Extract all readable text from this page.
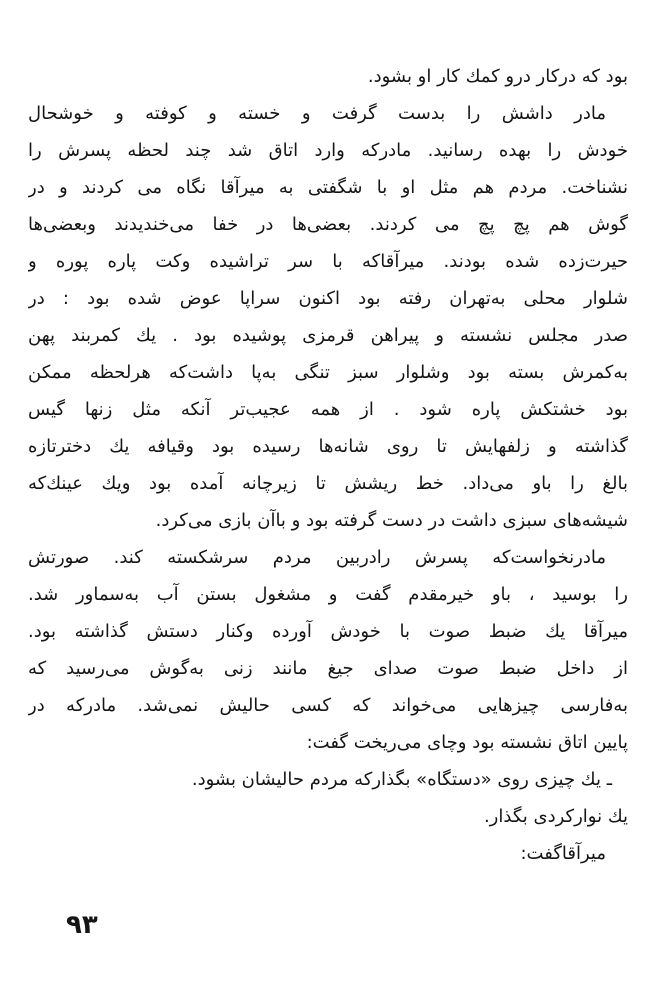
بود که درکار درو کمك کار او بشود.
مادر داشش را بدست گرفت و خسته و کوفته و خوشحال
خودش را بهده رسانید. مادرکه وارد اتاق شد چند لحظه پسرش را
نشناخت. مردم هم مثل او با شگفتی به میرآقا نگاه می کردند و در
گوش هم پچ پچ می کردند. بعضی‌ها در خفا می‌خندیدند وبعضی‌ها
حیرت‌زده شده بودند. میرآقاکه با سر تراشیده وکت پاره پوره و
شلوار محلی به‌تهران رفته بود اکنون سراپا عوض شده بود : در
صدر مجلس نشسته و پیراهن قرمزی پوشیده بود . یك کمربند پهن
به‌کمرش بسته بود وشلوار سبز تنگی به‌پا داشت‌که هرلحظه ممکن
بود خشتکش پاره شود . از همه عجیب‌تر آنکه مثل زنها گیس
گذاشته و زلفهایش تا روی شانه‌ها رسیده بود وقیافه یك دخترتازه
بالغ را باو می‌داد. خط ریشش تا زیرچانه آمده بود ویك عینك‌که
شیشه‌های سبزی داشت در دست گرفته بود و باآن بازی می‌کرد.
مادرنخواست‌که پسرش رادربین مردم سرشکسته کند. صورتش
را بوسید ، باو خیرمقدم گفت و مشغول بستن آب به‌سماور شد.
میرآقا یك ضبط صوت با خودش آورده وکنار دستش گذاشته بود.
از داخل ضبط صوت صدای جیغ مانند زنی به‌گوش می‌رسید که
به‌فارسی چیزهایی می‌خواند که کسی حالیش نمی‌شد. مادرکه در
پایین اتاق نشسته بود وچای می‌ریخت گفت:
ـ یك چیزی روی «دستگاه» بگذارکه مردم حالیشان بشود.
یك نوارکردی بگذار.
میرآقاگفت:
۹۳
